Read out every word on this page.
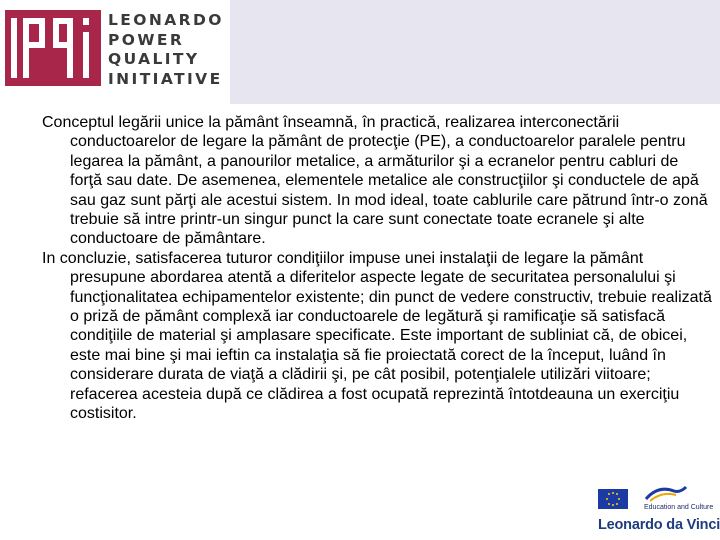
LEONARDO
POWER
QUALITY
INITIATIVE

Conceptul legării unice la pământ înseamnă, în practică, realizarea interconectării conductoarelor de legare la pământ de protecţie (PE), a conductoarelor paralele pentru legarea la pământ, a panourilor metalice, a armăturilor şi a ecranelor pentru cabluri de forţă sau date. De asemenea, elementele metalice ale construcţiilor şi conductele de apă sau gaz sunt părţi ale acestui sistem. In mod ideal, toate cablurile care pătrund într-o zonă trebuie să intre printr-un singur punct la care sunt conectate toate ecranele şi alte conductoare de pământare.

In concluzie, satisfacerea tuturor condiţiilor impuse unei instalaţii de legare la pământ presupune abordarea atentă a diferitelor aspecte legate de securitatea personalului şi funcţionalitatea echipamentelor existente; din punct de vedere constructiv, trebuie realizată o priză de pământ complexă iar conductoarele de legătură şi ramificaţie să satisfacă condiţiile de material şi amplasare specificate. Este important de subliniat că, de obicei, este mai bine şi mai ieftin ca instalaţia să fie proiectată corect de la început, luând în considerare durata de viaţă a clădirii şi, pe cât posibil, potenţialele utilizări viitoare; refacerea acesteia după ce clădirea a fost ocupată reprezintă întotdeauna un exerciţiu costisitor.

Education and Culture
Leonardo da Vinci
